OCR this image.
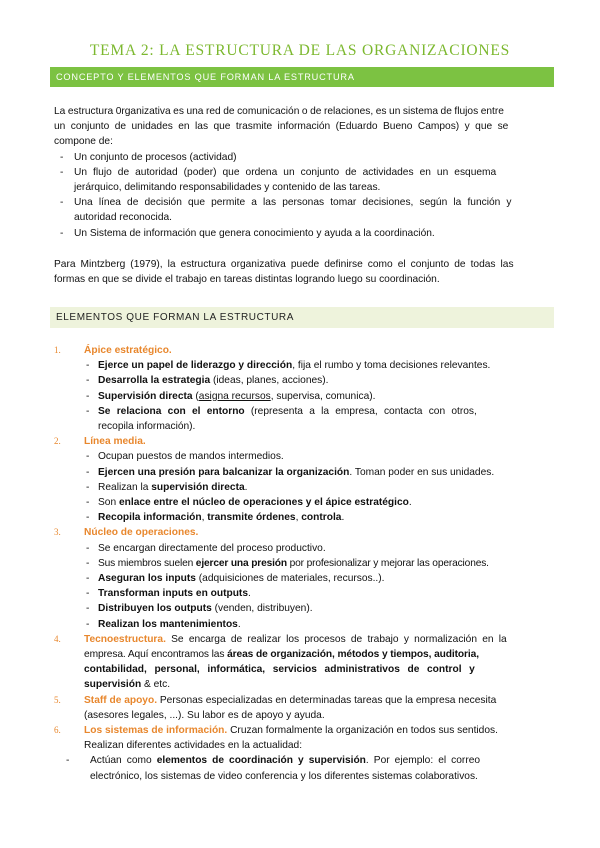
TEMA 2: LA ESTRUCTURA DE LAS ORGANIZACIONES
CONCEPTO Y ELEMENTOS QUE FORMAN LA ESTRUCTURA
La estructura 0rganizativa es una red de comunicación o de relaciones, es un sistema de flujos entre
un conjunto de unidades en las que trasmite información (Eduardo Bueno Campos) y que se
compone de:
- Un conjunto de procesos (actividad)
- Un flujo de autoridad (poder) que ordena un conjunto de actividades en un esquema
jerárquico, delimitando responsabilidades y contenido de las tareas.
- Una línea de decisión que permite a las personas tomar decisiones, según la función y
autoridad reconocida.
- Un Sistema de información que genera conocimiento y ayuda a la coordinación.
Para Mintzberg (1979), la estructura organizativa puede definirse como el conjunto de todas las
formas en que se divide el trabajo en tareas distintas logrando luego su coordinación.
ELEMENTOS QUE FORMAN LA ESTRUCTURA
1. Ápice estratégico.
- Ejerce un papel de liderazgo y dirección, fija el rumbo y toma decisiones relevantes.
- Desarrolla la estrategia (ideas, planes, acciones).
- Supervisión directa (asigna recursos, supervisa, comunica).
- Se relaciona con el entorno (representa a la empresa, contacta con otros,
recopila información).
2. Línea media.
- Ocupan puestos de mandos intermedios.
- Ejercen una presión para balcanizar la organización. Toman poder en sus unidades.
- Realizan la supervisión directa.
- Son enlace entre el núcleo de operaciones y el ápice estratégico.
- Recopila información, transmite órdenes, controla.
3. Núcleo de operaciones.
- Se encargan directamente del proceso productivo.
- Sus miembros suelen ejercer una presión por profesionalizar y mejorar las operaciones.
- Aseguran los inputs (adquisiciones de materiales, recursos..).
- Transforman inputs en outputs.
- Distribuyen los outputs (venden, distribuyen).
- Realizan los mantenimientos.
4. Tecnoestructura. Se encarga de realizar los procesos de trabajo y normalización en la
empresa. Aquí encontramos las áreas de organización, métodos y tiempos, auditoria,
contabilidad, personal, informática, servicios administrativos de control y
supervisión & etc.
5. Staff de apoyo. Personas especializadas en determinadas tareas que la empresa necesita
(asesores legales, ...). Su labor es de apoyo y ayuda.
6. Los sistemas de información. Cruzan formalmente la organización en todos sus sentidos.
Realizan diferentes actividades en la actualidad:
- Actúan como elementos de coordinación y supervisión. Por ejemplo: el correo
electrónico, los sistemas de video conferencia y los diferentes sistemas colaborativos.
